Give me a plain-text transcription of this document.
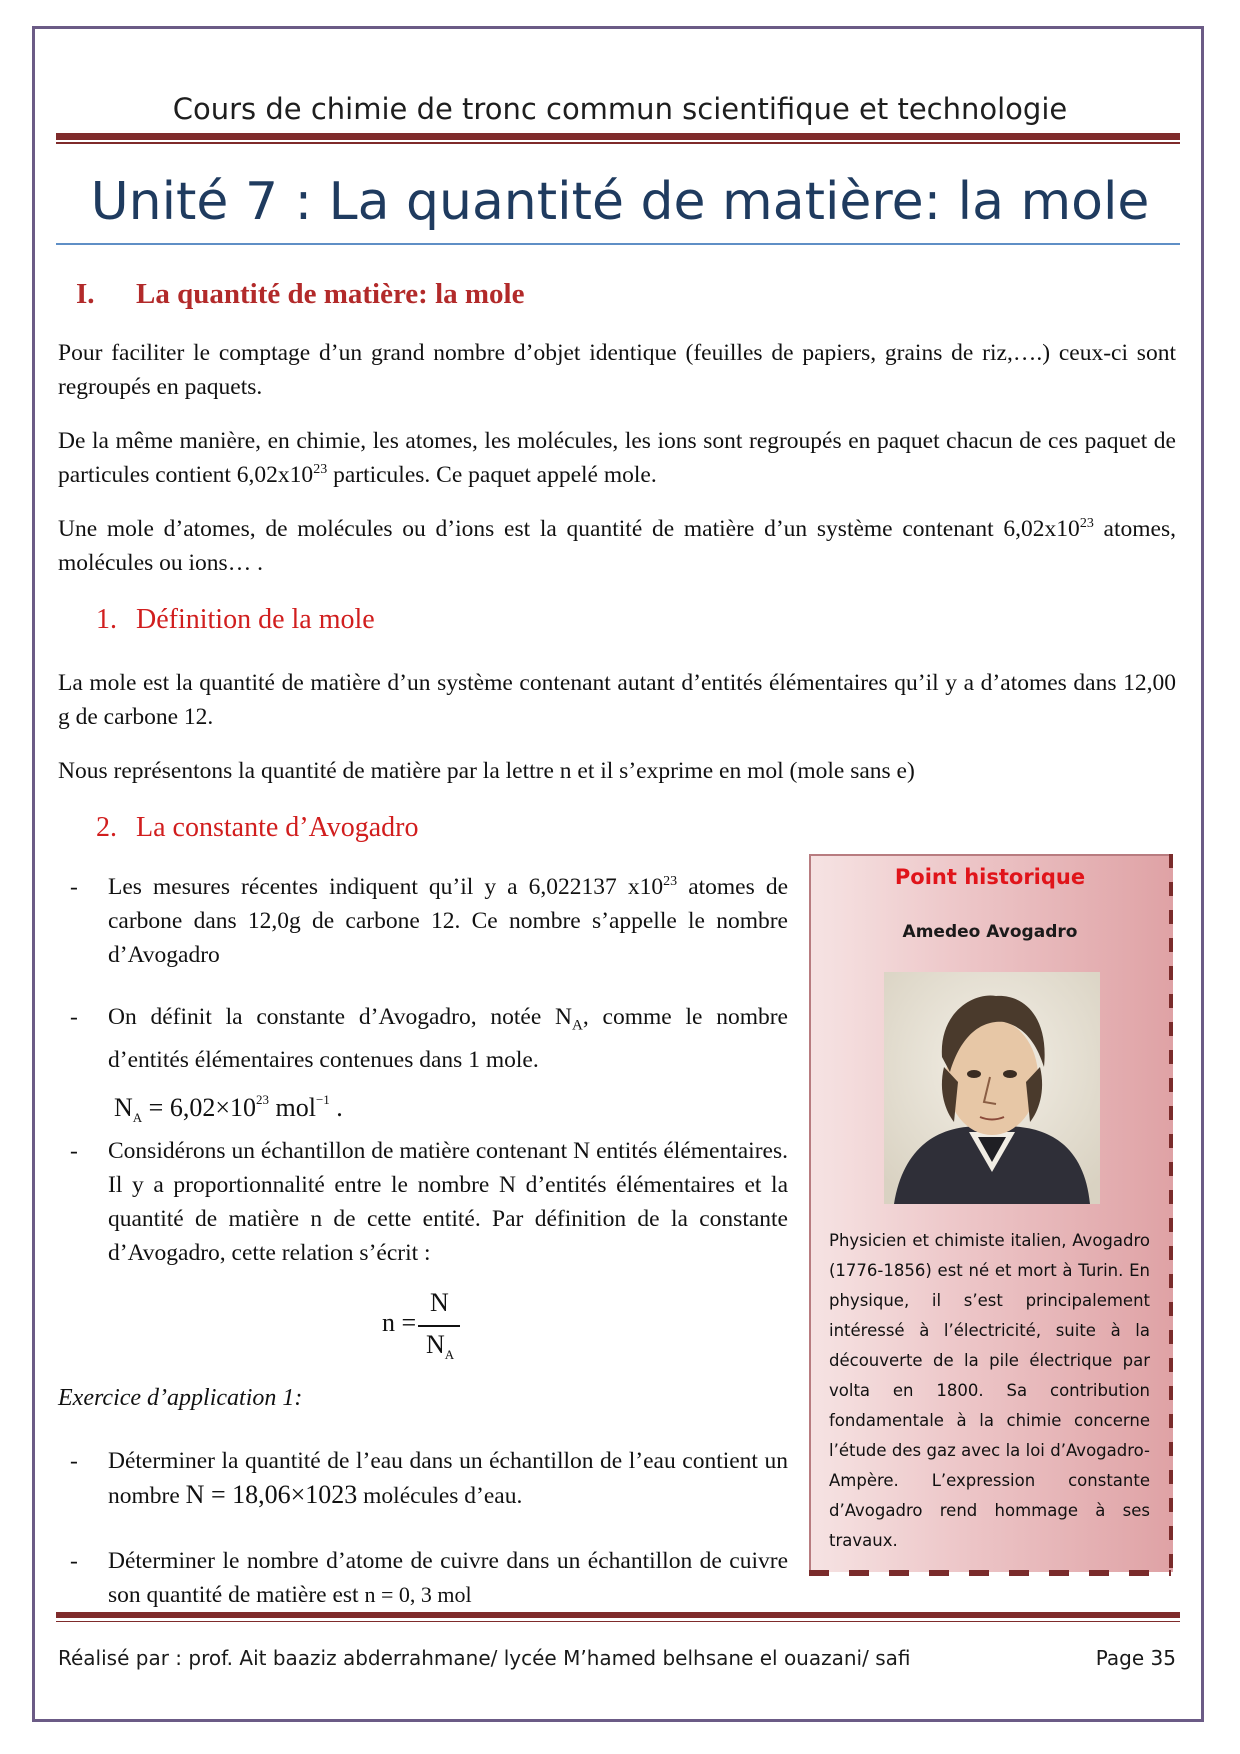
Cours de chimie de tronc commun scientifique et technologie
Unité 7 : La quantité de matière: la mole
I. La quantité de matière: la mole
Pour faciliter le comptage d’un grand nombre d’objet identique (feuilles de papiers, grains de riz,….) ceux-ci sont regroupés en paquets.
De la même manière, en chimie, les atomes, les molécules, les ions sont regroupés en paquet chacun de ces paquet de particules contient $6,02x10^{23}$ particules. Ce paquet appelé mole.
Une mole d’atomes, de molécules ou d’ions est la quantité de matière d’un système contenant $6,02x10^{23}$ atomes, molécules ou ions… .
1. Définition de la mole
La mole est la quantité de matière d’un système contenant autant d’entités élémentaires qu’il y a d’atomes dans 12,00 g de carbone 12.
Nous représentons la quantité de matière par la lettre n et il s’exprime en mol (mole sans e)
2. La constante d’Avogadro
- Les mesures récentes indiquent qu’il y a 6,022137 $x10^{23}$ atomes de carbone dans 12,0g de carbone 12. Ce nombre s’appelle le nombre d’Avogadro
- On définit la constante d’Avogadro, notée $N_A$, comme le nombre d’entités élémentaires contenues dans 1 mole.
$N_A = 6,02\times 10^{23}$ mol$^{-1}$ .
- Considérons un échantillon de matière contenant N entités élémentaires. Il y a proportionnalité entre le nombre N d’entités élémentaires et la quantité de matière n de cette entité. Par définition de la constante d’Avogadro, cette relation s’écrit :
n =
N
$N_A$
Exercice d’application 1:
- Déterminer la quantité de l’eau dans un échantillon de l’eau contient un nombre N = 18,06×1023 molécules d’eau.
- Déterminer le nombre d’atome de cuivre dans un échantillon de cuivre son quantité de matière est n = 0, 3 mol
Point historique
Amedeo Avogadro
Physicien et chimiste italien, Avogadro (1776-1856) est né et mort à Turin. En physique, il s’est principalement intéressé à l’électricité, suite à la découverte de la pile électrique par volta en 1800. Sa contribution fondamentale à la chimie concerne l’étude des gaz avec la loi d’Avogadro-Ampère. L’expression constante d’Avogadro rend hommage à ses travaux.
Réalisé par : prof. Ait baaziz abderrahmane/ lycée M’hamed belhsane el ouazani/ safi	Page 35
